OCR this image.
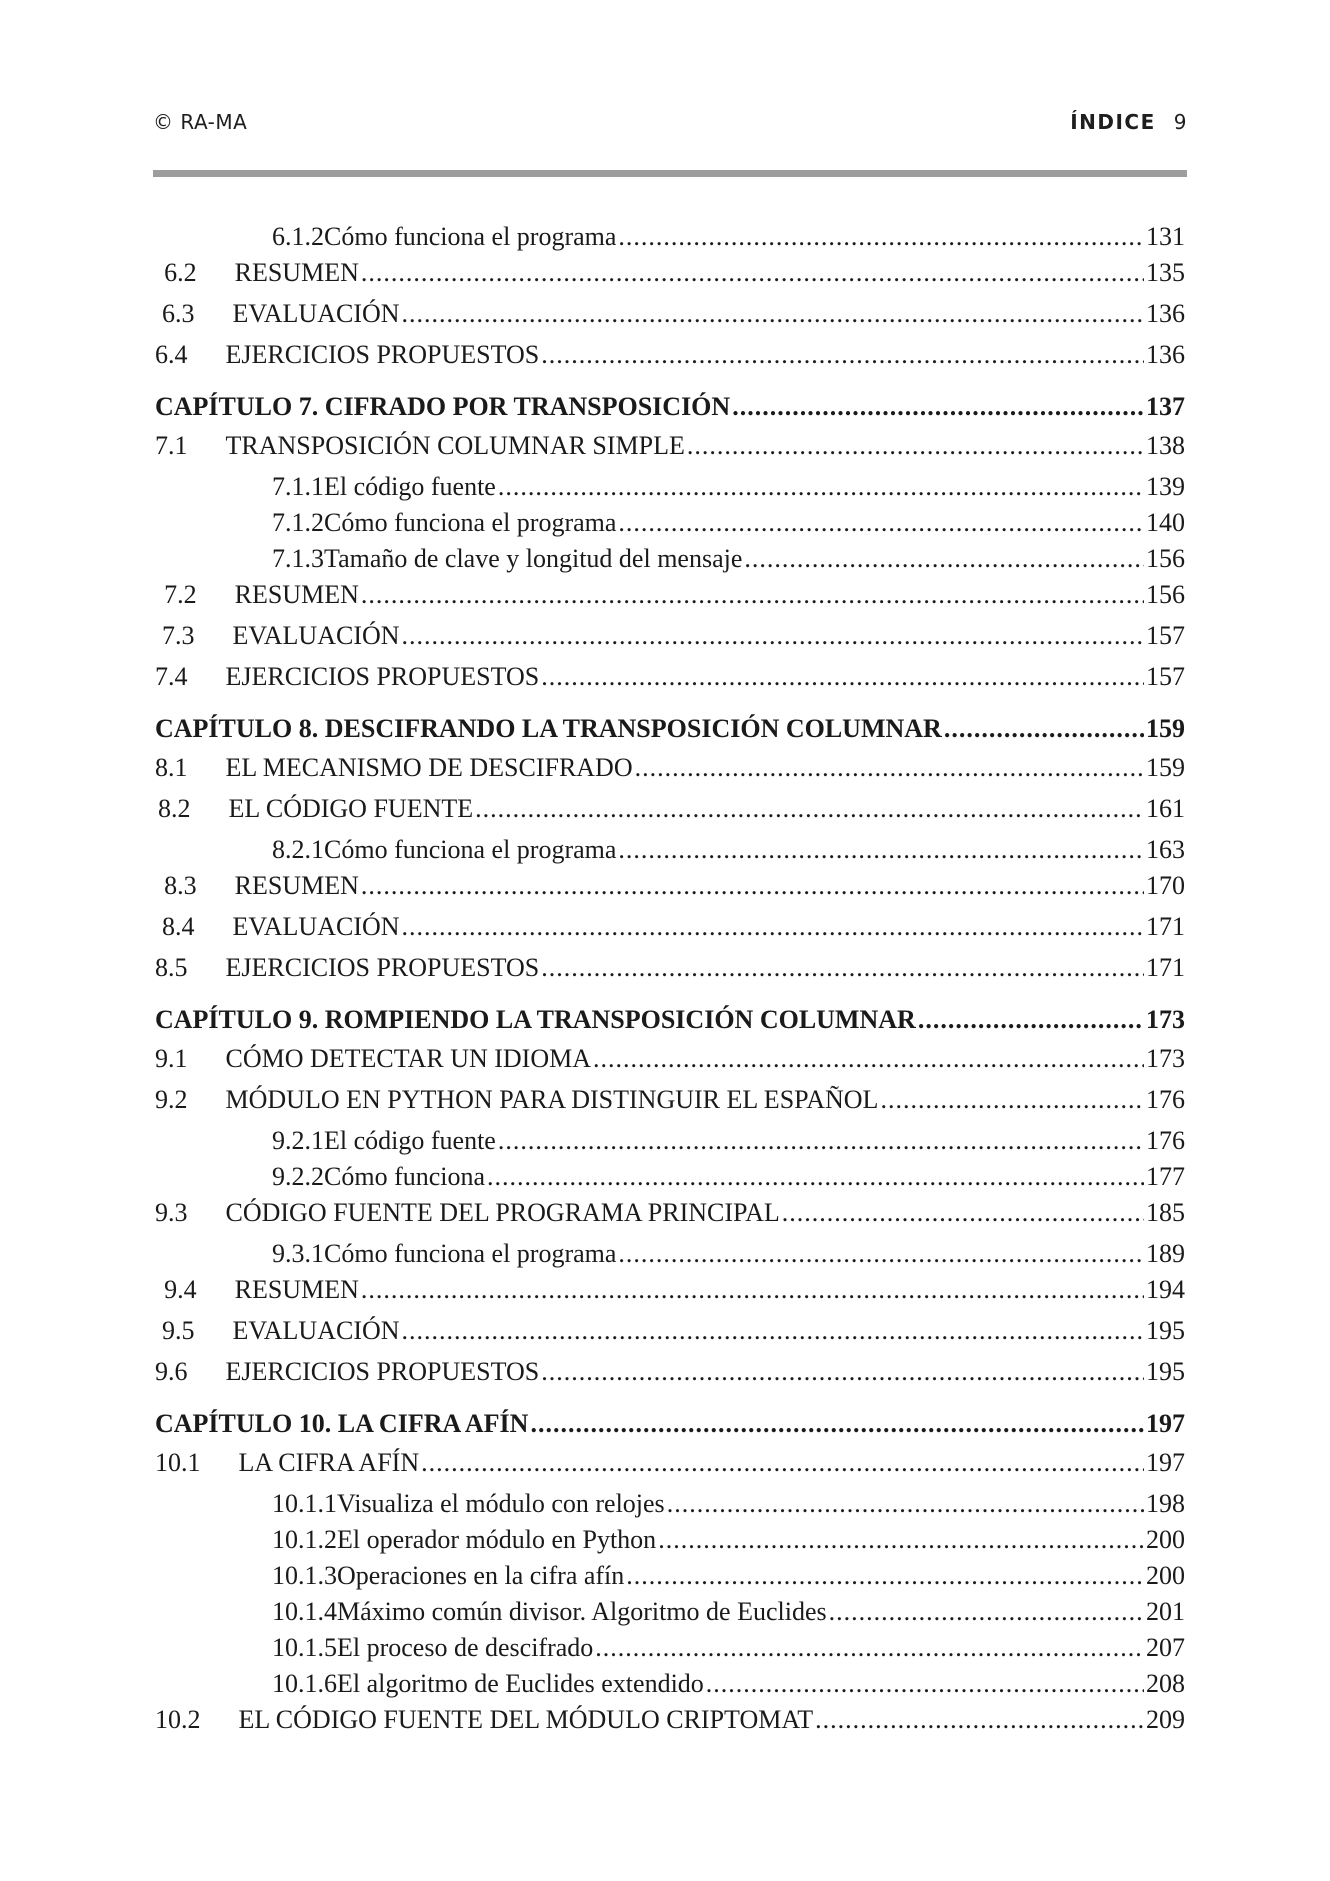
© RA-MA	ÍNDICE 9
6.1.2 Cómo funciona el programa .....	131
6.2 RESUMEN .....	135
6.3 EVALUACIÓN .....	136
6.4 EJERCICIOS PROPUESTOS .....	136
CAPÍTULO 7. CIFRADO POR TRANSPOSICIÓN .....	137
7.1 TRANSPOSICIÓN COLUMNAR SIMPLE .....	138
7.1.1 El código fuente .....	139
7.1.2 Cómo funciona el programa .....	140
7.1.3 Tamaño de clave y longitud del mensaje .....	156
7.2 RESUMEN .....	156
7.3 EVALUACIÓN .....	157
7.4 EJERCICIOS PROPUESTOS .....	157
CAPÍTULO 8. DESCIFRANDO LA TRANSPOSICIÓN COLUMNAR .....	159
8.1 EL MECANISMO DE DESCIFRADO .....	159
8.2 EL CÓDIGO FUENTE .....	161
8.2.1 Cómo funciona el programa .....	163
8.3 RESUMEN .....	170
8.4 EVALUACIÓN .....	171
8.5 EJERCICIOS PROPUESTOS .....	171
CAPÍTULO 9. ROMPIENDO LA TRANSPOSICIÓN COLUMNAR .....	173
9.1 CÓMO DETECTAR UN IDIOMA .....	173
9.2 MÓDULO EN PYTHON PARA DISTINGUIR EL ESPAÑOL .....	176
9.2.1 El código fuente .....	176
9.2.2 Cómo funciona .....	177
9.3 CÓDIGO FUENTE DEL PROGRAMA PRINCIPAL .....	185
9.3.1 Cómo funciona el programa .....	189
9.4 RESUMEN .....	194
9.5 EVALUACIÓN .....	195
9.6 EJERCICIOS PROPUESTOS .....	195
CAPÍTULO 10. LA CIFRA AFÍN .....	197
10.1 LA CIFRA AFÍN .....	197
10.1.1 Visualiza el módulo con relojes .....	198
10.1.2 El operador módulo en Python .....	200
10.1.3 Operaciones en la cifra afín .....	200
10.1.4 Máximo común divisor. Algoritmo de Euclides .....	201
10.1.5 El proceso de descifrado .....	207
10.1.6 El algoritmo de Euclides extendido .....	208
10.2 EL CÓDIGO FUENTE DEL MÓDULO CRIPTOMAT .....	209
